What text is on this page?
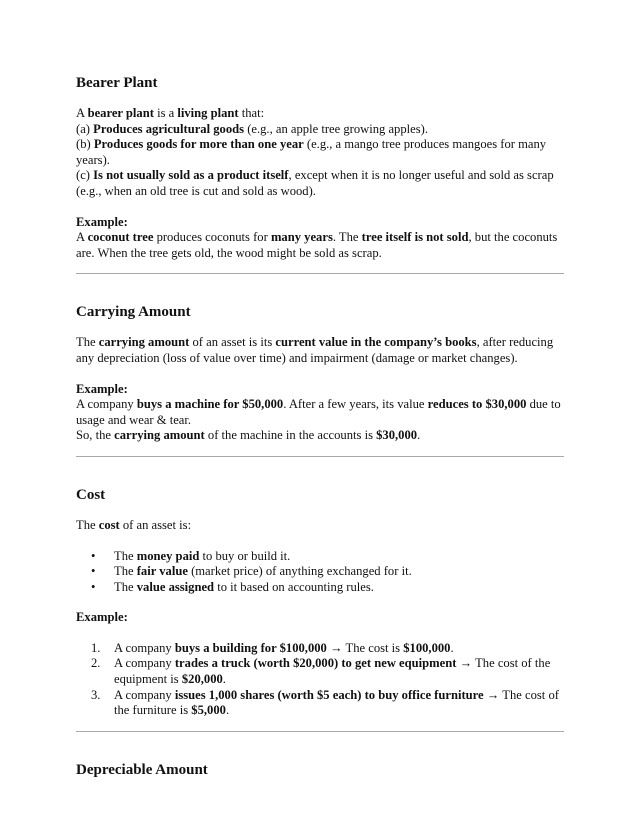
Bearer Plant

A bearer plant is a living plant that:

(a) Produces agricultural goods (e.g., an apple tree growing apples).

(b) Produces goods for more than one year (e.g., a mango tree produces mangoes for many years).

(c) Is not usually sold as a product itself, except when it is no longer useful and sold as scrap (e.g., when an old tree is cut and sold as wood).

Example:

A coconut tree produces coconuts for many years. The tree itself is not sold, but the coconuts are. When the tree gets old, the wood might be sold as scrap.

Carrying Amount

The carrying amount of an asset is its current value in the company’s books, after reducing any depreciation (loss of value over time) and impairment (damage or market changes).

Example:

A company buys a machine for $50,000. After a few years, its value reduces to $30,000 due to usage and wear & tear.

So, the carrying amount of the machine in the accounts is $30,000.

Cost

The cost of an asset is:

• The money paid to buy or build it.
• The fair value (market price) of anything exchanged for it.
• The value assigned to it based on accounting rules.

Example:

1. A company buys a building for $100,000 → The cost is $100,000.
2. A company trades a truck (worth $20,000) to get new equipment → The cost of the equipment is $20,000.
3. A company issues 1,000 shares (worth $5 each) to buy office furniture → The cost of the furniture is $5,000.
Depreciable Amount
